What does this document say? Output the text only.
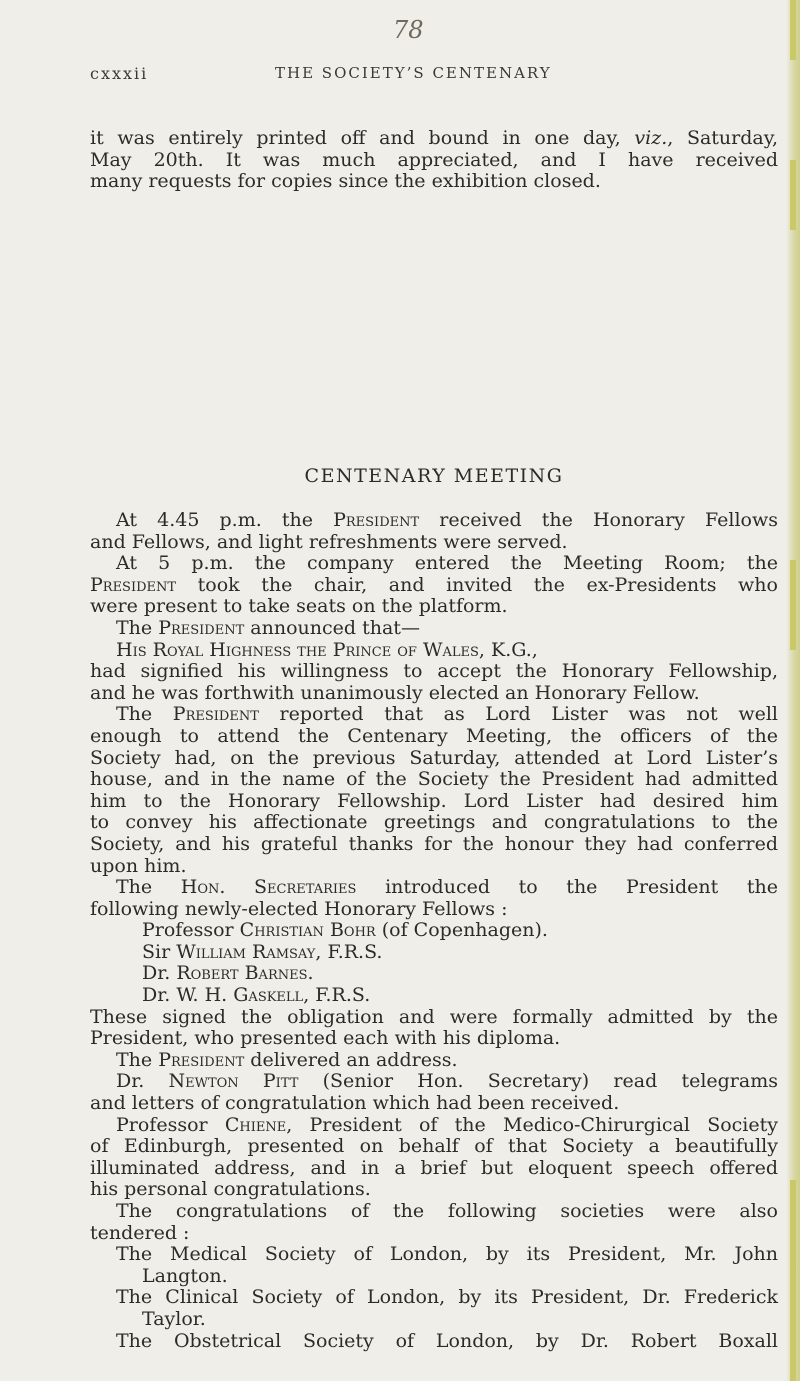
78
cxxxii	THE SOCIETY’S CENTENARY
it was entirely printed off and bound in one day, viz., Saturday,
May 20th. It was much appreciated, and I have received
many requests for copies since the exhibition closed.
CENTENARY MEETING
At 4.45 p.m. the President received the Honorary Fellows
and Fellows, and light refreshments were served.
At 5 p.m. the company entered the Meeting Room; the
President took the chair, and invited the ex-Presidents who
were present to take seats on the platform.
The President announced that—
His Royal Highness the Prince of Wales, K.G.,
had signified his willingness to accept the Honorary Fellowship,
and he was forthwith unanimously elected an Honorary Fellow.
The President reported that as Lord Lister was not well
enough to attend the Centenary Meeting, the officers of the
Society had, on the previous Saturday, attended at Lord Lister’s
house, and in the name of the Society the President had admitted
him to the Honorary Fellowship. Lord Lister had desired him
to convey his affectionate greetings and congratulations to the
Society, and his grateful thanks for the honour they had conferred
upon him.
The Hon. Secretaries introduced to the President the
following newly-elected Honorary Fellows :
Professor Christian Bohr (of Copenhagen).
Sir William Ramsay, F.R.S.
Dr. Robert Barnes.
Dr. W. H. Gaskell, F.R.S.
These signed the obligation and were formally admitted by the
President, who presented each with his diploma.
The President delivered an address.
Dr. Newton Pitt (Senior Hon. Secretary) read telegrams
and letters of congratulation which had been received.
Professor Chiene, President of the Medico-Chirurgical Society
of Edinburgh, presented on behalf of that Society a beautifully
illuminated address, and in a brief but eloquent speech offered
his personal congratulations.
The congratulations of the following societies were also
tendered :
The Medical Society of London, by its President, Mr. John
Langton.
The Clinical Society of London, by its President, Dr. Frederick
Taylor.
The Obstetrical Society of London, by Dr. Robert Boxall
